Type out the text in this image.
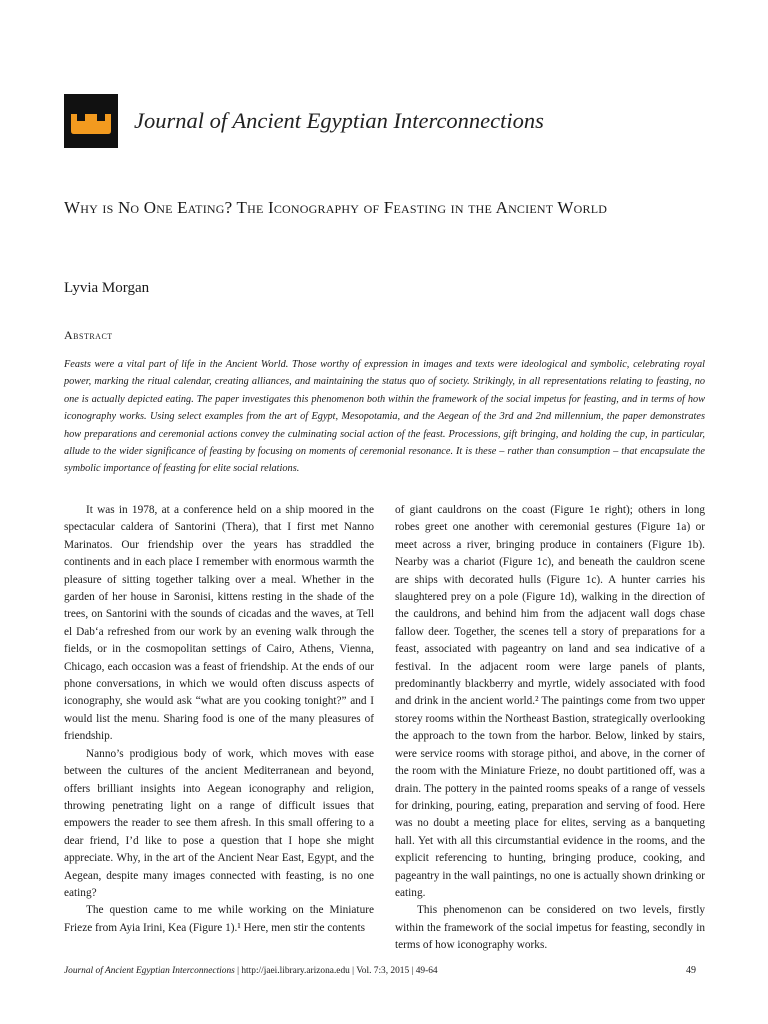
Journal of Ancient Egyptian Interconnections
Why is No One Eating? The Iconography of Feasting in the Ancient World
Lyvia Morgan
Abstract
Feasts were a vital part of life in the Ancient World. Those worthy of expression in images and texts were ideological and symbolic, celebrating royal power, marking the ritual calendar, creating alliances, and maintaining the status quo of society. Strikingly, in all representations relating to feasting, no one is actually depicted eating. The paper investigates this phenomenon both within the framework of the social impetus for feasting, and in terms of how iconography works. Using select examples from the art of Egypt, Mesopotamia, and the Aegean of the 3rd and 2nd millennium, the paper demonstrates how preparations and ceremonial actions convey the culminating social action of the feast. Processions, gift bringing, and holding the cup, in particular, allude to the wider significance of feasting by focusing on moments of ceremonial resonance. It is these – rather than consumption – that encapsulate the symbolic importance of feasting for elite social relations.

It was in 1978, at a conference held on a ship moored in the spectacular caldera of Santorini (Thera), that I first met Nanno Marinatos. Our friendship over the years has straddled the continents and in each place I remember with enormous warmth the pleasure of sitting together talking over a meal. Whether in the garden of her house in Saronisi, kittens resting in the shade of the trees, on Santorini with the sounds of cicadas and the waves, at Tell el Dab‘a refreshed from our work by an evening walk through the fields, or in the cosmopolitan settings of Cairo, Athens, Vienna, Chicago, each occasion was a feast of friendship. At the ends of our phone conversations, in which we would often discuss aspects of iconography, she would ask “what are you cooking tonight?” and I would list the menu. Sharing food is one of the many pleasures of friendship.

Nanno’s prodigious body of work, which moves with ease between the cultures of the ancient Mediterranean and beyond, offers brilliant insights into Aegean iconography and religion, throwing penetrating light on a range of difficult issues that empowers the reader to see them afresh. In this small offering to a dear friend, I’d like to pose a question that I hope she might appreciate. Why, in the art of the Ancient Near East, Egypt, and the Aegean, despite many images connected with feasting, is no one eating?

The question came to me while working on the Miniature Frieze from Ayia Irini, Kea (Figure 1).¹ Here, men stir the contents

of giant cauldrons on the coast (Figure 1e right); others in long robes greet one another with ceremonial gestures (Figure 1a) or meet across a river, bringing produce in containers (Figure 1b). Nearby was a chariot (Figure 1c), and beneath the cauldron scene are ships with decorated hulls (Figure 1c). A hunter carries his slaughtered prey on a pole (Figure 1d), walking in the direction of the cauldrons, and behind him from the adjacent wall dogs chase fallow deer. Together, the scenes tell a story of preparations for a feast, associated with pageantry on land and sea indicative of a festival. In the adjacent room were large panels of plants, predominantly blackberry and myrtle, widely associated with food and drink in the ancient world.² The paintings come from two upper storey rooms within the Northeast Bastion, strategically overlooking the approach to the town from the harbor. Below, linked by stairs, were service rooms with storage pithoi, and above, in the corner of the room with the Miniature Frieze, no doubt partitioned off, was a drain. The pottery in the painted rooms speaks of a range of vessels for drinking, pouring, eating, preparation and serving of food. Here was no doubt a meeting place for elites, serving as a banqueting hall. Yet with all this circumstantial evidence in the rooms, and the explicit referencing to hunting, bringing produce, cooking, and pageantry in the wall paintings, no one is actually shown drinking or eating.

This phenomenon can be considered on two levels, firstly within the framework of the social impetus for feasting, secondly in terms of how iconography works.

Journal of Ancient Egyptian Interconnections | http://jaei.library.arizona.edu | Vol. 7:3, 2015 | 49-64	49
